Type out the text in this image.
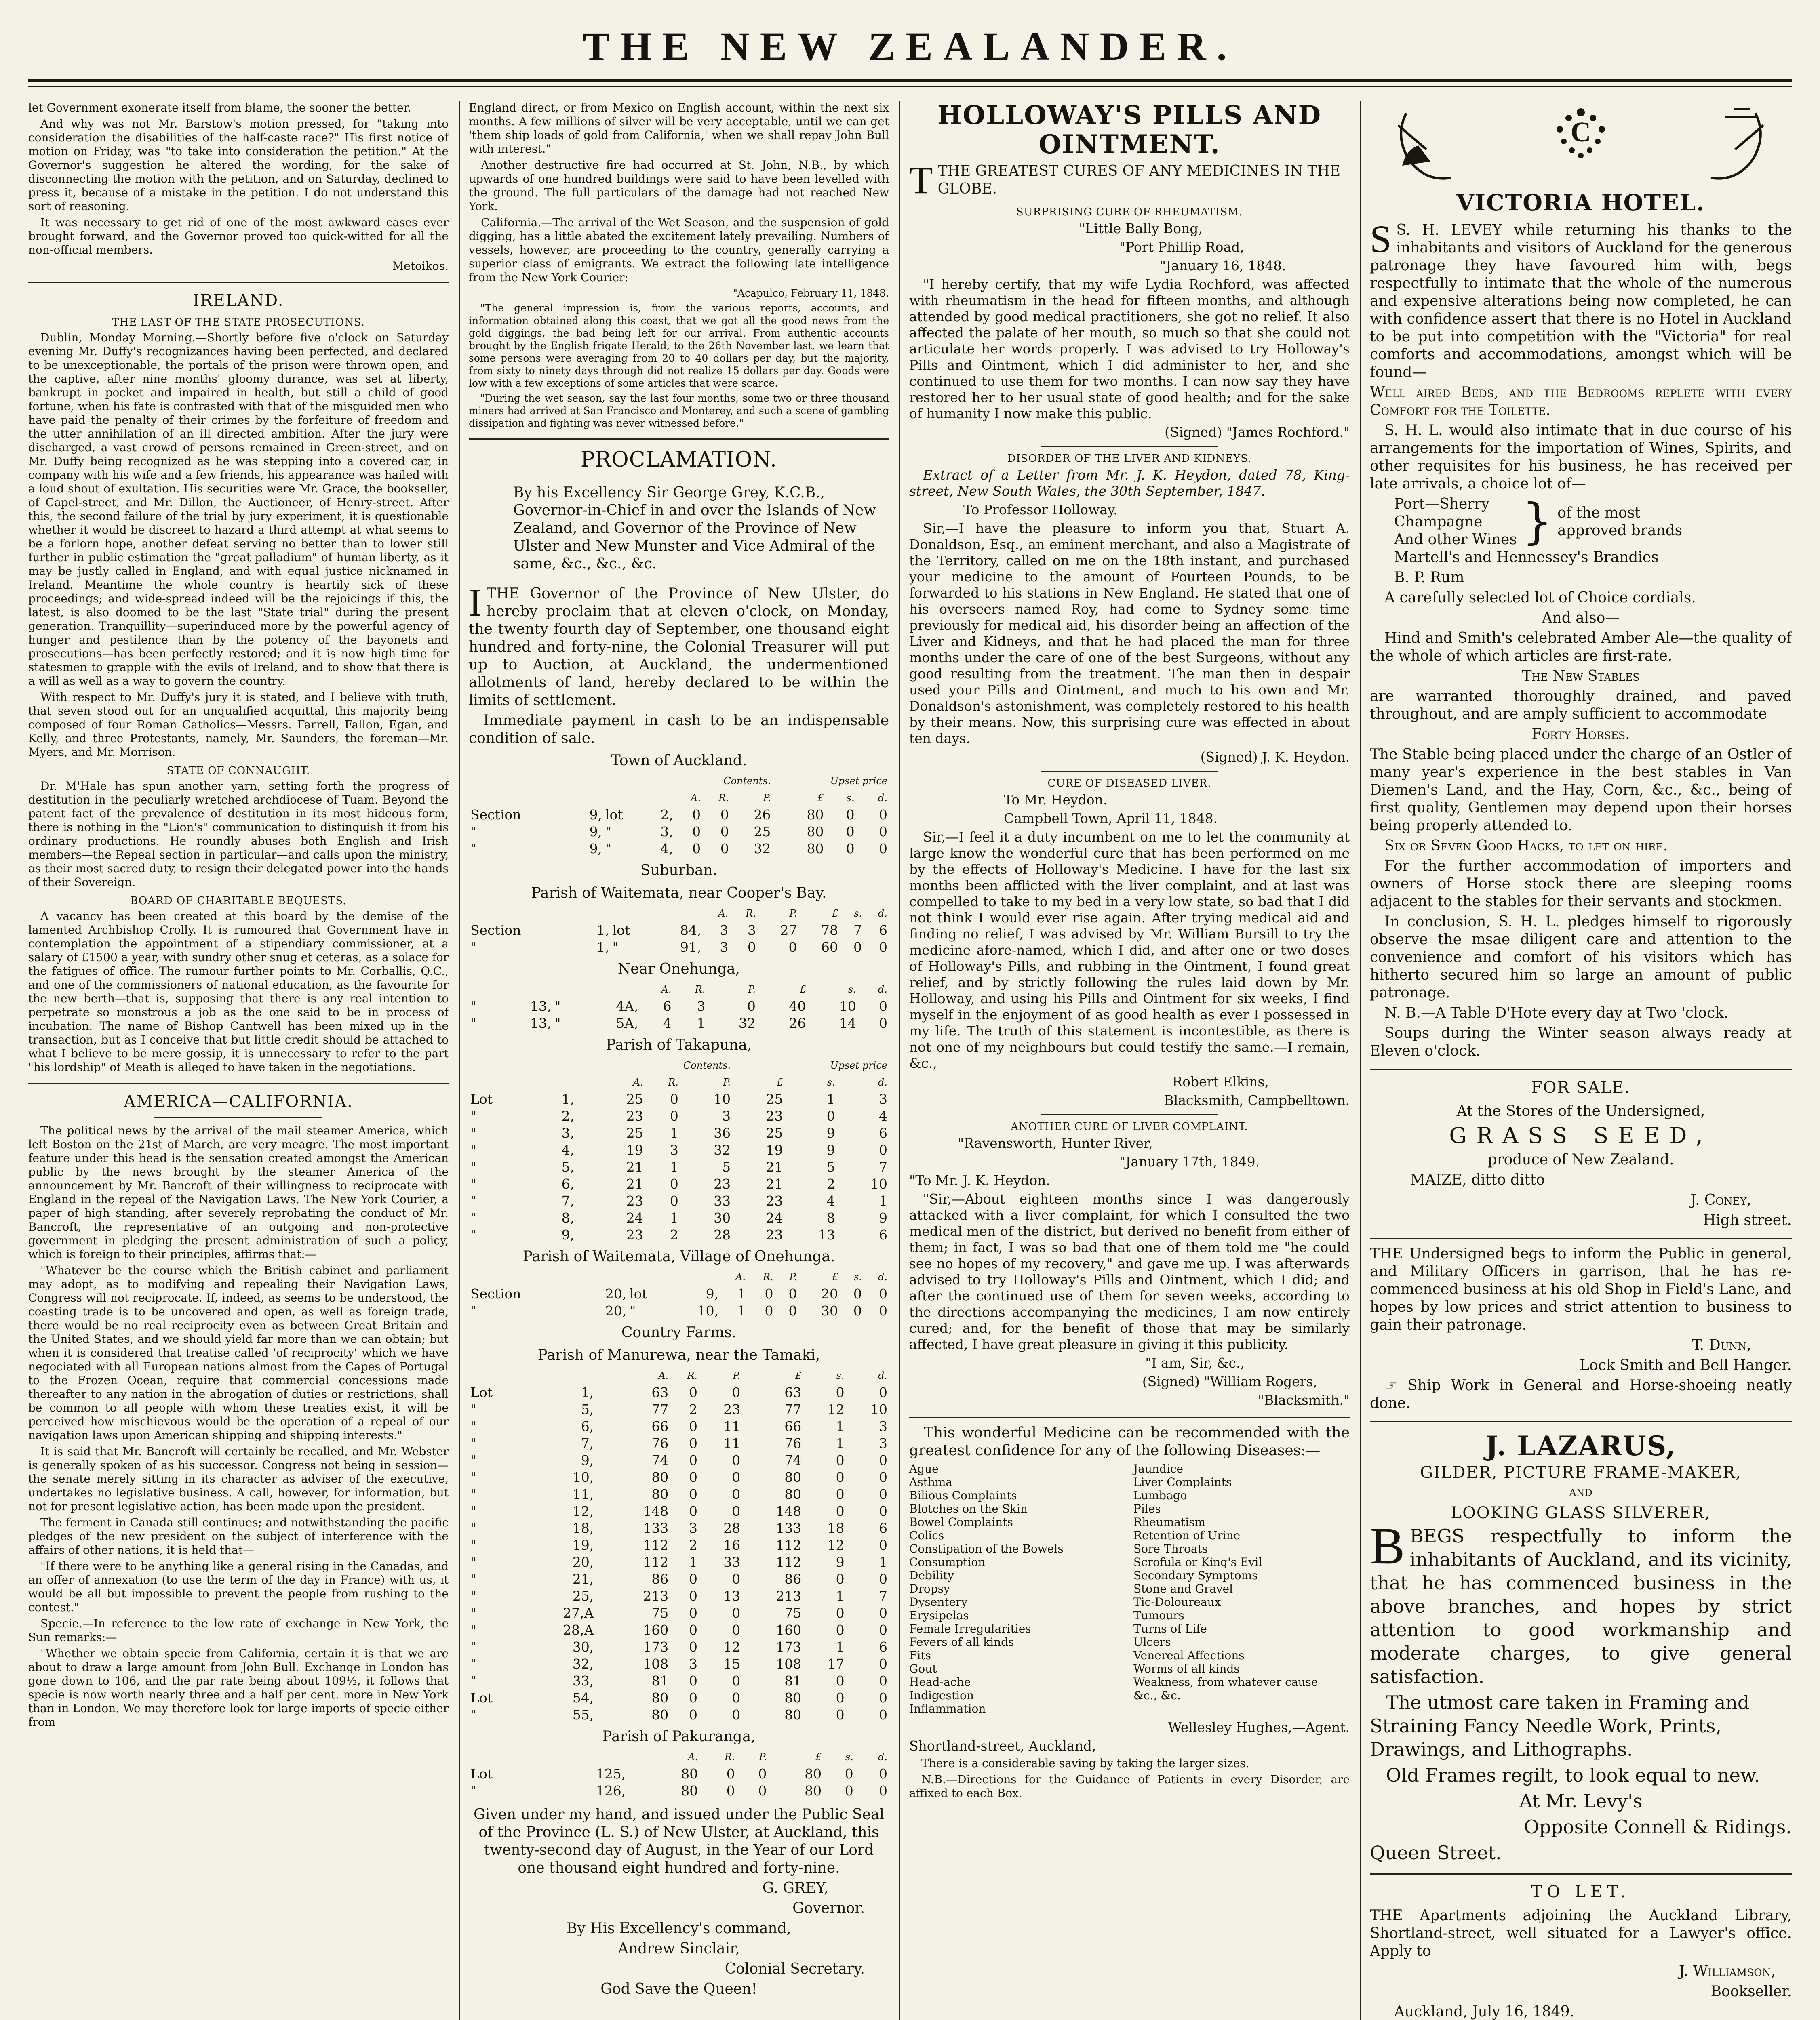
THE NEW ZEALANDER.

let Government exonerate itself from blame, the sooner the better.

And why was not Mr. Barstow's motion pressed, for "taking into consideration the disabilities of the half-caste race?" His first notice of motion on Friday, was "to take into consideration the petition." At the Governor's suggestion he altered the wording, for the sake of disconnecting the motion with the petition, and on Saturday, declined to press it, because of a mistake in the petition. I do not understand this sort of reasoning.

It was necessary to get rid of one of the most awkward cases ever brought forward, and the Governor proved too quick-witted for all the non-official members.

Metoikos.

IRELAND.

THE LAST OF THE STATE PROSECUTIONS.

Dublin, Monday Morning.—Shortly before five o'clock on Saturday evening Mr. Duffy's recognizances having been perfected, and declared to be unexceptionable, the portals of the prison were thrown open, and the captive, after nine months' gloomy durance, was set at liberty, bankrupt in pocket and impaired in health, but still a child of good fortune, when his fate is contrasted with that of the misguided men who have paid the penalty of their crimes by the forfeiture of freedom and the utter annihilation of an ill directed ambition. After the jury were discharged, a vast crowd of persons remained in Green-street, and on Mr. Duffy being recognized as he was stepping into a covered car, in company with his wife and a few friends, his appearance was hailed with a loud shout of exultation. His securities were Mr. Grace, the bookseller, of Capel-street, and Mr. Dillon, the Auctioneer, of Henry-street. After this, the second failure of the trial by jury experiment, it is questionable whether it would be discreet to hazard a third attempt at what seems to be a forlorn hope, another defeat serving no better than to lower still further in public estimation the "great palladium" of human liberty, as it may be justly called in England, and with equal justice nicknamed in Ireland. Meantime the whole country is heartily sick of these proceedings; and wide-spread indeed will be the rejoicings if this, the latest, is also doomed to be the last "State trial" during the present generation. Tranquillity—superinduced more by the powerful agency of hunger and pestilence than by the potency of the bayonets and prosecutions—has been perfectly restored; and it is now high time for statesmen to grapple with the evils of Ireland, and to show that there is a will as well as a way to govern the country.

With respect to Mr. Duffy's jury it is stated, and I believe with truth, that seven stood out for an unqualified acquittal, this majority being composed of four Roman Catholics—Messrs. Farrell, Fallon, Egan, and Kelly, and three Protestants, namely, Mr. Saunders, the foreman—Mr. Myers, and Mr. Morrison.

STATE OF CONNAUGHT.

Dr. M'Hale has spun another yarn, setting forth the progress of destitution in the peculiarly wretched archdiocese of Tuam. Beyond the patent fact of the prevalence of destitution in its most hideous form, there is nothing in the "Lion's" communication to distinguish it from his ordinary productions. He roundly abuses both English and Irish members—the Repeal section in particular—and calls upon the ministry, as their most sacred duty, to resign their delegated power into the hands of their Sovereign.

BOARD OF CHARITABLE BEQUESTS.

A vacancy has been created at this board by the demise of the lamented Archbishop Crolly. It is rumoured that Government have in contemplation the appointment of a stipendiary commissioner, at a salary of £1500 a year, with sundry other snug et ceteras, as a solace for the fatigues of office. The rumour further points to Mr. Corballis, Q.C., and one of the commissioners of national education, as the favourite for the new berth—that is, supposing that there is any real intention to perpetrate so monstrous a job as the one said to be in process of incubation. The name of Bishop Cantwell has been mixed up in the transaction, but as I conceive that but little credit should be attached to what I believe to be mere gossip, it is unnecessary to refer to the part "his lordship" of Meath is alleged to have taken in the negotiations.

AMERICA—CALIFORNIA.

The political news by the arrival of the mail steamer America, which left Boston on the 21st of March, are very meagre. The most important feature under this head is the sensation created amongst the American public by the news brought by the steamer America of the announcement by Mr. Bancroft of their willingness to reciprocate with England in the repeal of the Navigation Laws. The New York Courier, a paper of high standing, after severely reprobating the conduct of Mr. Bancroft, the representative of an outgoing and non-protective government in pledging the present administration of such a policy, which is foreign to their principles, affirms that:—

"Whatever be the course which the British cabinet and parliament may adopt, as to modifying and repealing their Navigation Laws, Congress will not reciprocate. If, indeed, as seems to be understood, the coasting trade is to be uncovered and open, as well as foreign trade, there would be no real reciprocity even as between Great Britain and the United States, and we should yield far more than we can obtain; but when it is considered that treatise called 'of reciprocity' which we have negociated with all European nations almost from the Capes of Portugal to the Frozen Ocean, require that commercial concessions made thereafter to any nation in the abrogation of duties or restrictions, shall be common to all people with whom these treaties exist, it will be perceived how mischievous would be the operation of a repeal of our navigation laws upon American shipping and shipping interests."

It is said that Mr. Bancroft will certainly be recalled, and Mr. Webster is generally spoken of as his successor. Congress not being in session—the senate merely sitting in its character as adviser of the executive, undertakes no legislative business. A call, however, for information, but not for present legislative action, has been made upon the president.

The ferment in Canada still continues; and notwithstanding the pacific pledges of the new president on the subject of interference with the affairs of other nations, it is held that—

"If there were to be anything like a general rising in the Canadas, and an offer of annexation (to use the term of the day in France) with us, it would be all but impossible to prevent the people from rushing to the contest."

Specie.—In reference to the low rate of exchange in New York, the Sun remarks:—

"Whether we obtain specie from California, certain it is that we are about to draw a large amount from John Bull. Exchange in London has gone down to 106, and the par rate being about 109½, it follows that specie is now worth nearly three and a half per cent. more in New York than in London. We may therefore look for large imports of specie either from

England direct, or from Mexico on English account, within the next six months. A few millions of silver will be very acceptable, until we can get 'them ship loads of gold from California,' when we shall repay John Bull with interest."

Another destructive fire had occurred at St. John, N.B., by which upwards of one hundred buildings were said to have been levelled with the ground. The full particulars of the damage had not reached New York.

California.—The arrival of the Wet Season, and the suspension of gold digging, has a little abated the excitement lately prevailing. Numbers of vessels, however, are proceeding to the country, generally carrying a superior class of emigrants. We extract the following late intelligence from the New York Courier:

"Acapulco, February 11, 1848.

"The general impression is, from the various reports, accounts, and information obtained along this coast, that we got all the good news from the gold diggings, the bad being left for our arrival. From authentic accounts brought by the English frigate Herald, to the 26th November last, we learn that some persons were averaging from 20 to 40 dollars per day, but the majority, from sixty to ninety days through did not realize 15 dollars per day. Goods were low with a few exceptions of some articles that were scarce.

"During the wet season, say the last four months, some two or three thousand miners had arrived at San Francisco and Monterey, and such a scene of gambling dissipation and fighting was never witnessed before."

PROCLAMATION.

By his Excellency Sir George Grey, K.C.B., Governor-in-Chief in and over the Islands of New Zealand, and Governor of the Province of New Ulster and New Munster and Vice Admiral of the same, &c., &c., &c.

ITHE Governor of the Province of New Ulster, do hereby proclaim that at eleven o'clock, on Monday, the twenty fourth day of September, one thousand eight hundred and forty-nine, the Colonial Treasurer will put up to Auction, at Auckland, the undermentioned allotments of land, hereby declared to be within the limits of settlement.

Immediate payment in cash to be an indispensable condition of sale.

Town of Auckland.

				Contents.			Upset price		
				A.	R.	P.	£	s.	d.
Section	9,	lot	2,	0	0	26	80	0	0
"	9,	"	3,	0	0	25	80	0	0
"	9,	"	4,	0	0	32	80	0	0

Suburban.

Parish of Waitemata, near Cooper's Bay.

				A.	R.	P.	£	s.	d.
Section	1,	lot	84,	3	3	27	78	7	6
"	1,	"	91,	3	0	0	60	0	0

Near Onehunga,

				A.	R.	P.	£	s.	d.
"	13,	"	4A,	6	3	0	40	10	0
"	13,	"	5A,	4	1	32	26	14	0

Parish of Takapuna,

				Contents.			Upset price		
				A.	R.	P.	£	s.	d.
Lot	1,			25	0	10	25	1	3
"	2,			23	0	3	23	0	4
"	3,			25	1	36	25	9	6
"	4,			19	3	32	19	9	0
"	5,			21	1	5	21	5	7
"	6,			21	0	23	21	2	10
"	7,			23	0	33	23	4	1
"	8,			24	1	30	24	8	9
"	9,			23	2	28	23	13	6

Parish of Waitemata, Village of Onehunga.

				A.	R.	P.	£	s.	d.
Section	20,	lot	9,	1	0	0	20	0	0
"	20,	"	10,	1	0	0	30	0	0

Country Farms.

Parish of Manurewa, near the Tamaki,

				A.	R.	P.	£	s.	d.
Lot	1,			63	0	0	63	0	0
"	5,			77	2	23	77	12	10
"	6,			66	0	11	66	1	3
"	7,			76	0	11	76	1	3
"	9,			74	0	0	74	0	0
"	10,			80	0	0	80	0	0
"	11,			80	0	0	80	0	0
"	12,			148	0	0	148	0	0
"	18,			133	3	28	133	18	6
"	19,			112	2	16	112	12	0
"	20,			112	1	33	112	9	1
"	21,			86	0	0	86	0	0
"	25,			213	0	13	213	1	7
"	27,A			75	0	0	75	0	0
"	28,A			160	0	0	160	0	0
"	30,			173	0	12	173	1	6
"	32,			108	3	15	108	17	0
"	33,			81	0	0	81	0	0
Lot	54,			80	0	0	80	0	0
"	55,			80	0	0	80	0	0

Parish of Pakuranga,

				A.	R.	P.	£	s.	d.
Lot	125,			80	0	0	80	0	0
"	126,			80	0	0	80	0	0

Given under my hand, and issued under the Public Seal of the Province (L. S.) of New Ulster, at Auckland, this twenty-second day of August, in the Year of our Lord one thousand eight hundred and forty-nine.

G. GREY,

Governor.

By His Excellency's command,

Andrew Sinclair,

Colonial Secretary.

God Save the Queen!

HOLLOWAY'S PILLS AND OINTMENT.

TTHE GREATEST CURES OF ANY MEDICINES IN THE GLOBE.

SURPRISING CURE OF RHEUMATISM.

"Little Bally Bong,

"Port Phillip Road,

"January 16, 1848.

"I hereby certify, that my wife Lydia Rochford, was affected with rheumatism in the head for fifteen months, and although attended by good medical practitioners, she got no relief. It also affected the palate of her mouth, so much so that she could not articulate her words properly. I was advised to try Holloway's Pills and Ointment, which I did administer to her, and she continued to use them for two months. I can now say they have restored her to her usual state of good health; and for the sake of humanity I now make this public.

(Signed) "James Rochford."

DISORDER OF THE LIVER AND KIDNEYS.

Extract of a Letter from Mr. J. K. Heydon, dated 78, King-street, New South Wales, the 30th September, 1847.

To Professor Holloway.

Sir,—I have the pleasure to inform you that, Stuart A. Donaldson, Esq., an eminent merchant, and also a Magistrate of the Territory, called on me on the 18th instant, and purchased your medicine to the amount of Fourteen Pounds, to be forwarded to his stations in New England. He stated that one of his overseers named Roy, had come to Sydney some time previously for medical aid, his disorder being an affection of the Liver and Kidneys, and that he had placed the man for three months under the care of one of the best Surgeons, without any good resulting from the treatment. The man then in despair used your Pills and Ointment, and much to his own and Mr. Donaldson's astonishment, was completely restored to his health by their means. Now, this surprising cure was effected in about ten days.

(Signed) J. K. Heydon.

CURE OF DISEASED LIVER.

To Mr. Heydon.

Campbell Town, April 11, 1848.

Sir,—I feel it a duty incumbent on me to let the community at large know the wonderful cure that has been performed on me by the effects of Holloway's Medicine. I have for the last six months been afflicted with the liver complaint, and at last was compelled to take to my bed in a very low state, so bad that I did not think I would ever rise again. After trying medical aid and finding no relief, I was advised by Mr. William Bursill to try the medicine afore-named, which I did, and after one or two doses of Holloway's Pills, and rubbing in the Ointment, I found great relief, and by strictly following the rules laid down by Mr. Holloway, and using his Pills and Ointment for six weeks, I find myself in the enjoyment of as good health as ever I possessed in my life. The truth of this statement is incontestible, as there is not one of my neighbours but could testify the same.—I remain, &c.,

Robert Elkins,

Blacksmith, Campbelltown.

ANOTHER CURE OF LIVER COMPLAINT.

"Ravensworth, Hunter River,

"January 17th, 1849.

"To Mr. J. K. Heydon.

"Sir,—About eighteen months since I was dangerously attacked with a liver complaint, for which I consulted the two medical men of the district, but derived no benefit from either of them; in fact, I was so bad that one of them told me "he could see no hopes of my recovery," and gave me up. I was afterwards advised to try Holloway's Pills and Ointment, which I did; and after the continued use of them for seven weeks, according to the directions accompanying the medicines, I am now entirely cured; and, for the benefit of those that may be similarly affected, I have great pleasure in giving it this publicity.

"I am, Sir, &c.,

(Signed) "William Rogers,

"Blacksmith."

This wonderful Medicine can be recommended with the greatest confidence for any of the following Diseases:—

Ague
Asthma
Bilious Complaints
Blotches on the Skin
Bowel Complaints
Colics
Constipation of the Bowels
Consumption
Debility
Dropsy
Dysentery
Erysipelas
Female Irregularities
Fevers of all kinds
Fits
Gout
Head-ache
Indigestion
Inflammation
Jaundice
Liver Complaints
Lumbago
Piles
Rheumatism
Retention of Urine
Sore Throats
Scrofula or King's Evil
Secondary Symptoms
Stone and Gravel
Tic-Doloureaux
Tumours
Turns of Life
Ulcers
Venereal Affections
Worms of all kinds
Weakness, from whatever cause
&c., &c.

Wellesley Hughes,—Agent.

Shortland-street, Auckland,

There is a considerable saving by taking the larger sizes.

N.B.—Directions for the Guidance of Patients in every Disorder, are affixed to each Box.

C

VICTORIA HOTEL.

S S. H. LEVEY while returning his thanks to the inhabitants and visitors of Auckland for the generous patronage they have favoured him with, begs respectfully to intimate that the whole of the numerous and expensive alterations being now completed, he can with confidence assert that there is no Hotel in Auckland to be put into competition with the "Victoria" for real comforts and accommodations, amongst which will be found—

Well aired Beds, and the Bedrooms replete with every Comfort for the Toilette.

S. H. L. would also intimate that in due course of his arrangements for the importation of Wines, Spirits, and other requisites for his business, he has received per late arrivals, a choice lot of—

Port—Sherry
Champagne
And other Wines } of the most approved brands

Martell's and Hennessey's Brandies

B. P. Rum

A carefully selected lot of Choice cordials.

And also—

Hind and Smith's celebrated Amber Ale—the quality of the whole of which articles are first-rate.

The New Stables

are warranted thoroughly drained, and paved throughout, and are amply sufficient to accommodate

Forty Horses.

The Stable being placed under the charge of an Ostler of many year's experience in the best stables in Van Diemen's Land, and the Hay, Corn, &c., &c., being of first quality, Gentlemen may depend upon their horses being properly attended to.

Six or Seven Good Hacks, to let on hire.

For the further accommodation of importers and owners of Horse stock there are sleeping rooms adjacent to the stables for their servants and stockmen.

In conclusion, S. H. L. pledges himself to rigorously observe the msae diligent care and attention to the convenience and comfort of his visitors which has hitherto secured him so large an amount of public patronage.

N. B.—A Table D'Hote every day at Two 'clock.

Soups during the Winter season always ready at Eleven o'clock.

FOR SALE.

At the Stores of the Undersigned,

GRASS SEED,

produce of New Zealand.

MAIZE, ditto ditto

J. Coney,

High street.

THE Undersigned begs to inform the Public in general, and Military Officers in garrison, that he has re-commenced business at his old Shop in Field's Lane, and hopes by low prices and strict attention to business to gain their patronage.

T. Dunn,

Lock Smith and Bell Hanger.

☞ Ship Work in General and Horse-shoeing neatly done.

J. LAZARUS,

GILDER, PICTURE FRAME-MAKER,

AND

LOOKING GLASS SILVERER,

BBEGS respectfully to inform the inhabitants of Auckland, and its vicinity, that he has commenced business in the above branches, and hopes by strict attention to good workmanship and moderate charges, to give general satisfaction.

The utmost care taken in Framing and Straining Fancy Needle Work, Prints, Drawings, and Lithographs.

Old Frames regilt, to look equal to new.

At Mr. Levy's

Opposite Connell & Ridings.

Queen Street.

TO LET.

THE Apartments adjoining the Auckland Library, Shortland-street, well situated for a Lawyer's office. Apply to

J. Williamson,

Bookseller.

Auckland, July 16, 1849.
